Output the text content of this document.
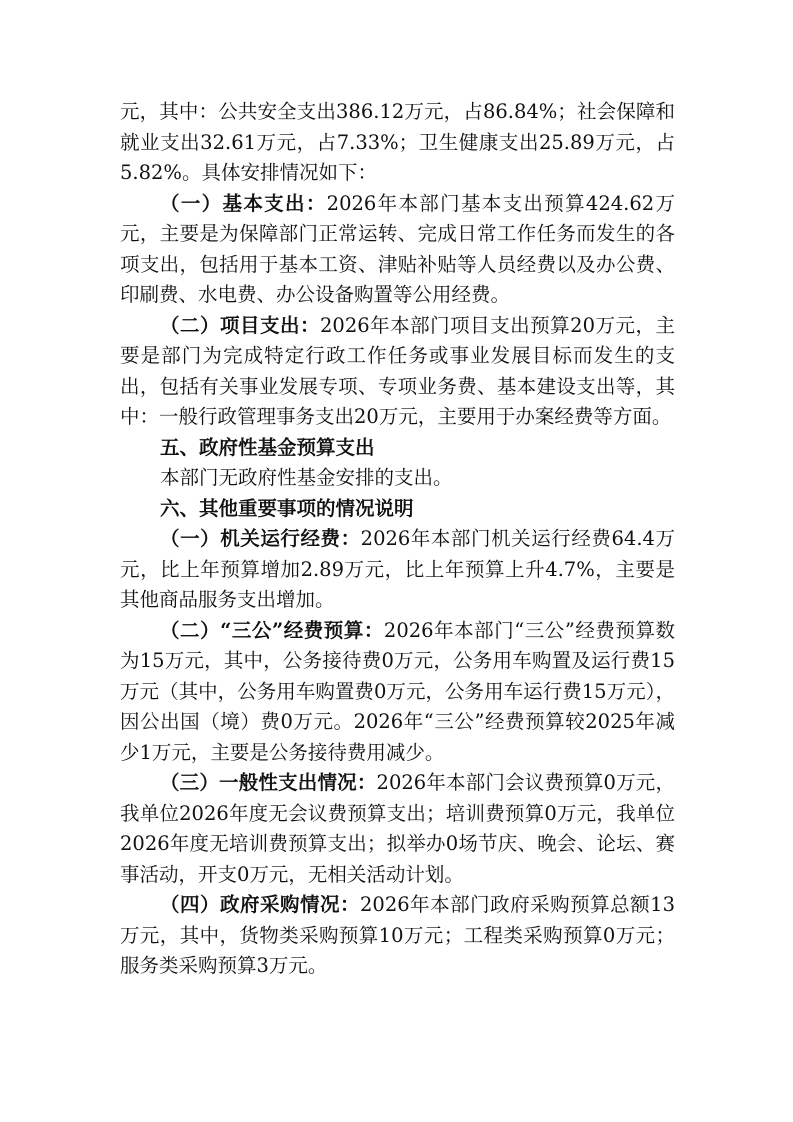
元，其中：公共安全支出386.12万元，占86.84%；社会保障和就业支出32.61万元，占7.33%；卫生健康支出25.89万元，占5.82%。具体安排情况如下：

（一）基本支出：2026年本部门基本支出预算424.62万元，主要是为保障部门正常运转、完成日常工作任务而发生的各项支出，包括用于基本工资、津贴补贴等人员经费以及办公费、印刷费、水电费、办公设备购置等公用经费。

（二）项目支出：2026年本部门项目支出预算20万元，主要是部门为完成特定行政工作任务或事业发展目标而发生的支出，包括有关事业发展专项、专项业务费、基本建设支出等，其中：一般行政管理事务支出20万元，主要用于办案经费等方面。

五、政府性基金预算支出

本部门无政府性基金安排的支出。

六、其他重要事项的情况说明

（一）机关运行经费：2026年本部门机关运行经费64.4万元，比上年预算增加2.89万元，比上年预算上升4.7%，主要是其他商品服务支出增加。

（二）“三公”经费预算：2026年本部门“三公”经费预算数为15万元，其中，公务接待费0万元，公务用车购置及运行费15万元（其中，公务用车购置费0万元，公务用车运行费15万元），因公出国（境）费0万元。2026年“三公”经费预算较2025年减少1万元，主要是公务接待费用减少。

（三）一般性支出情况：2026年本部门会议费预算0万元，我单位2026年度无会议费预算支出；培训费预算0万元，我单位2026年度无培训费预算支出；拟举办0场节庆、晚会、论坛、赛事活动，开支0万元，无相关活动计划。

（四）政府采购情况：2026年本部门政府采购预算总额13万元，其中，货物类采购预算10万元；工程类采购预算0万元；服务类采购预算3万元。
